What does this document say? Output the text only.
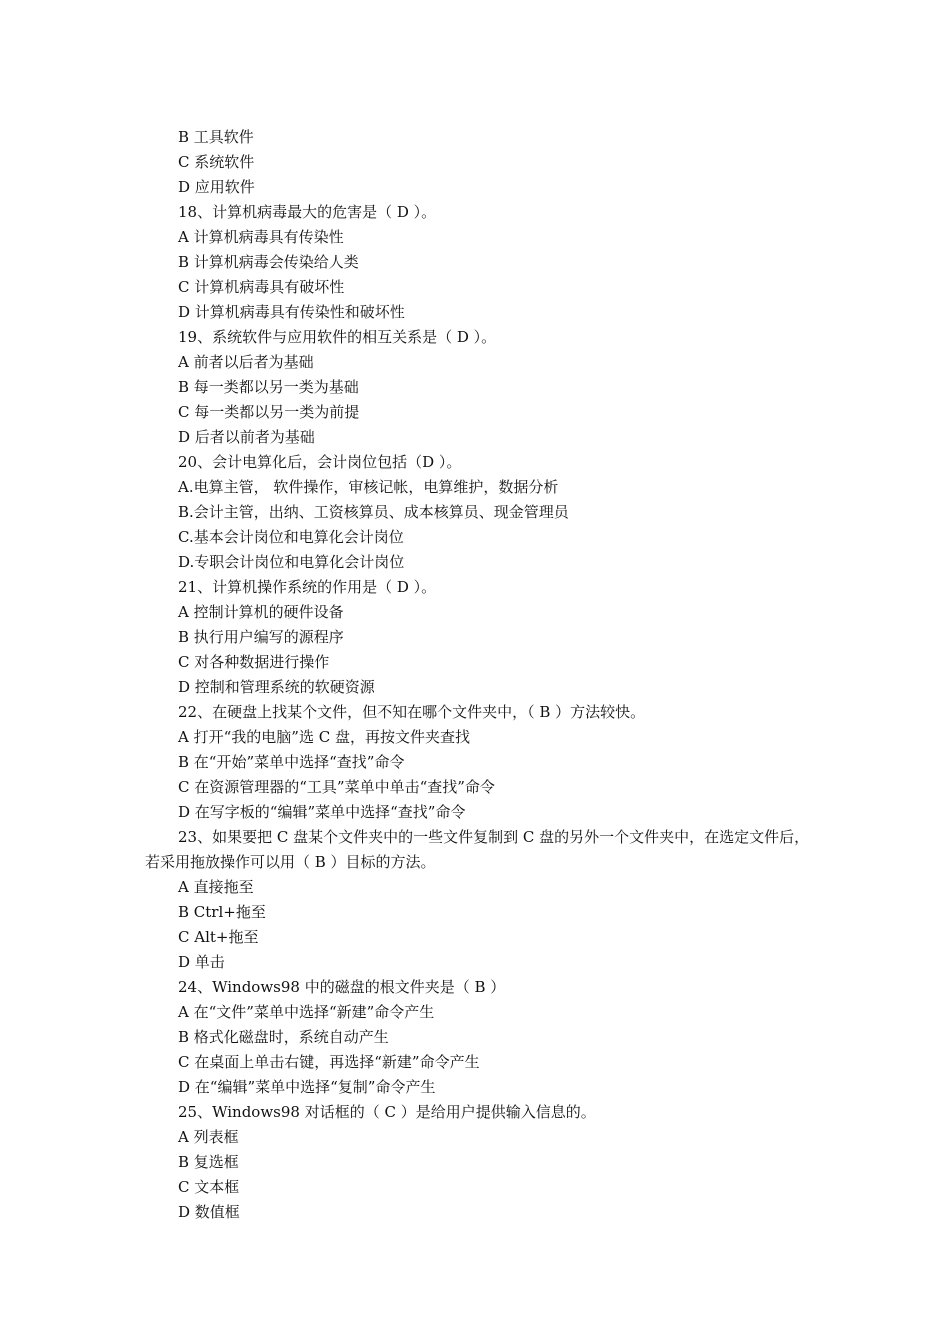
B 工具软件
C 系统软件
D 应用软件
18、计算机病毒最大的危害是（ D ）。
A 计算机病毒具有传染性
B 计算机病毒会传染给人类
C 计算机病毒具有破坏性
D 计算机病毒具有传染性和破坏性
19、系统软件与应用软件的相互关系是（ D ）。
A 前者以后者为基础
B 每一类都以另一类为基础
C 每一类都以另一类为前提
D 后者以前者为基础
20、会计电算化后，会计岗位包括（D ）。
A.电算主管， 软件操作，审核记帐，电算维护，数据分析
B.会计主管，出纳、工资核算员、成本核算员、现金管理员
C.基本会计岗位和电算化会计岗位
D.专职会计岗位和电算化会计岗位
21、计算机操作系统的作用是（ D ）。
A 控制计算机的硬件设备
B 执行用户编写的源程序
C 对各种数据进行操作
D 控制和管理系统的软硬资源
22、在硬盘上找某个文件，但不知在哪个文件夹中，（ B ）方法较快。
A 打开“我的电脑”选 C 盘，再按文件夹查找
B 在“开始”菜单中选择“查找”命令
C 在资源管理器的“工具”菜单中单击“查找”命令
D 在写字板的“编辑”菜单中选择“查找”命令
23、如果要把 C 盘某个文件夹中的一些文件复制到 C 盘的另外一个文件夹中，在选定文件后，若采用拖放操作可以用（ B ）目标的方法。
A 直接拖至
B Ctrl+拖至
C Alt+拖至
D 单击
24、Windows98 中的磁盘的根文件夹是（ B ）
A 在“文件”菜单中选择“新建”命令产生
B 格式化磁盘时，系统自动产生
C 在桌面上单击右键，再选择“新建”命令产生
D 在“编辑”菜单中选择“复制”命令产生
25、Windows98 对话框的（ C ）是给用户提供输入信息的。
A 列表框
B 复选框
C 文本框
D 数值框
